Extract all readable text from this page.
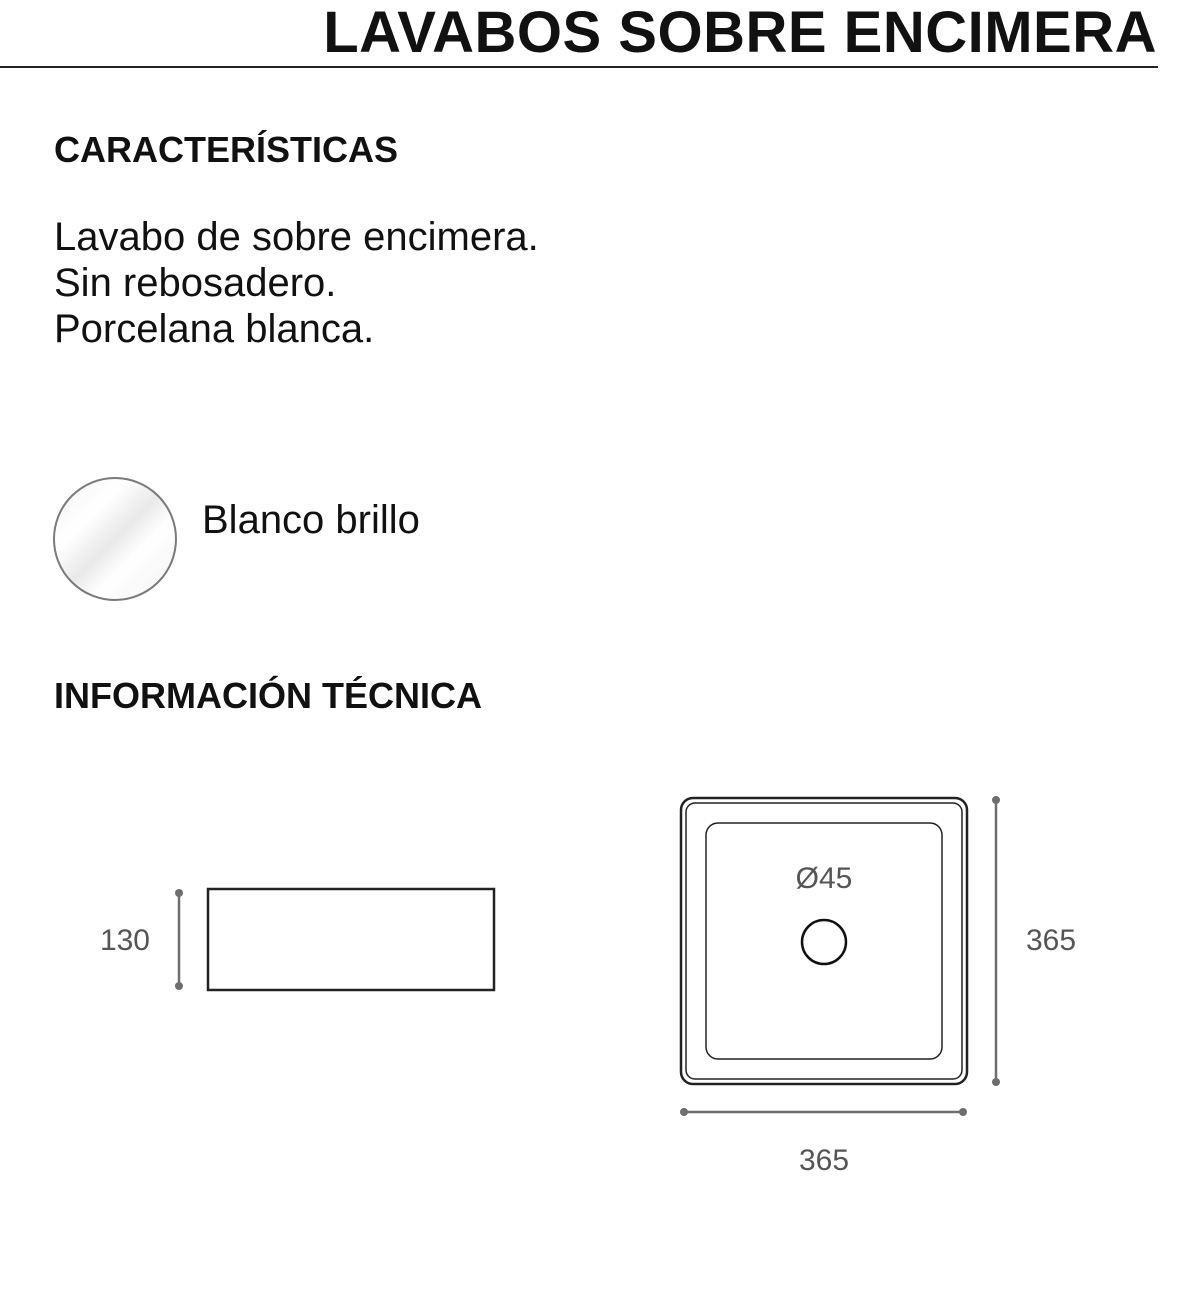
LAVABOS SOBRE ENCIMERA
CARACTERÍSTICAS
Lavabo de sobre encimera.
Sin rebosadero.
Porcelana blanca.
Blanco brillo
INFORMACIÓN TÉCNICA
130
Ø45
365
365
